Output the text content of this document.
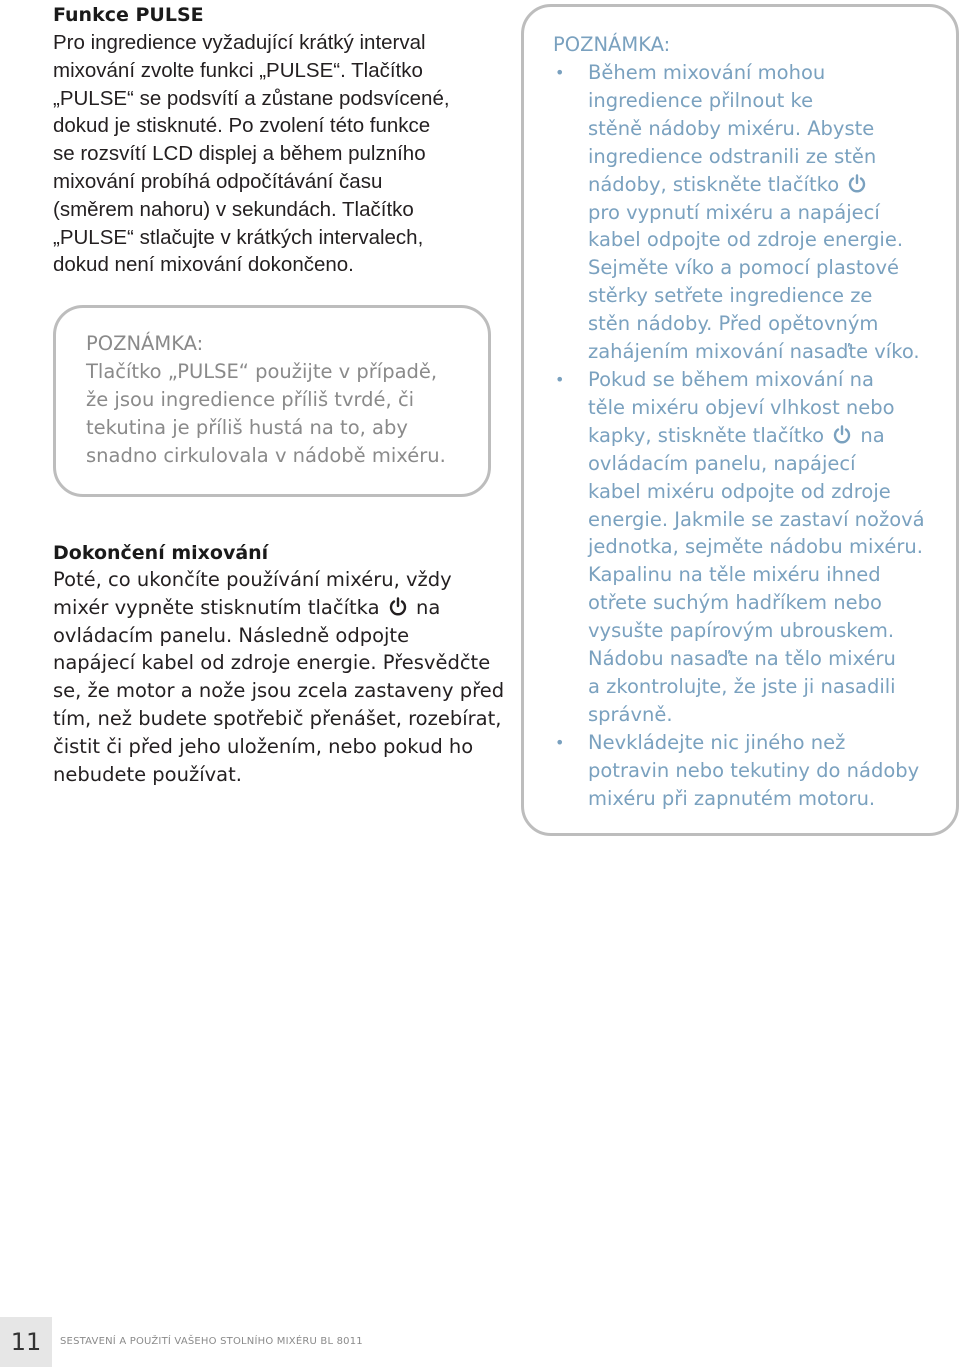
Funkce PULSE
Pro ingredience vyžadující krátký interval
mixování zvolte funkci „PULSE“. Tlačítko
„PULSE“ se podsvítí a zůstane podsvícené,
dokud je stisknuté. Po zvolení této funkce
se rozsvítí LCD displej a během pulzního
mixování probíhá odpočítávání času
(směrem nahoru) v sekundách. Tlačítko
„PULSE“ stlačujte v krátkých intervalech,
dokud není mixování dokončeno.
POZNÁMKA:
Tlačítko „PULSE“ použijte v případě,
že jsou ingredience příliš tvrdé, či
tekutina je příliš hustá na to, aby
snadno cirkulovala v nádobě mixéru.
Dokončení mixování
Poté, co ukončíte používání mixéru, vždy
mixér vypněte stisknutím tlačítka na
ovládacím panelu. Následně odpojte
napájecí kabel od zdroje energie. Přesvědčte
se, že motor a nože jsou zcela zastaveny před
tím, než budete spotřebič přenášet, rozebírat,
čistit či před jeho uložením, nebo pokud ho
nebudete používat.
POZNÁMKA:
• Během mixování mohou
ingredience přilnout ke
stěně nádoby mixéru. Abyste
ingredience odstranili ze stěn
nádoby, stiskněte tlačítko
pro vypnutí mixéru a napájecí
kabel odpojte od zdroje energie.
Sejměte víko a pomocí plastové
stěrky setřete ingredience ze
stěn nádoby. Před opětovným
zahájením mixování nasaďte víko.
• Pokud se během mixování na
těle mixéru objeví vlhkost nebo
kapky, stiskněte tlačítko na
ovládacím panelu, napájecí
kabel mixéru odpojte od zdroje
energie. Jakmile se zastaví nožová
jednotka, sejměte nádobu mixéru.
Kapalinu na těle mixéru ihned
otřete suchým hadříkem nebo
vysušte papírovým ubrouskem.
Nádobu nasaďte na tělo mixéru
a zkontrolujte, že jste ji nasadili
správně.
• Nevkládejte nic jiného než
potravin nebo tekutiny do nádoby
mixéru při zapnutém motoru.
11	SESTAVENÍ A POUŽITÍ VAŠEHO STOLNÍHO MIXÉRU BL 8011
